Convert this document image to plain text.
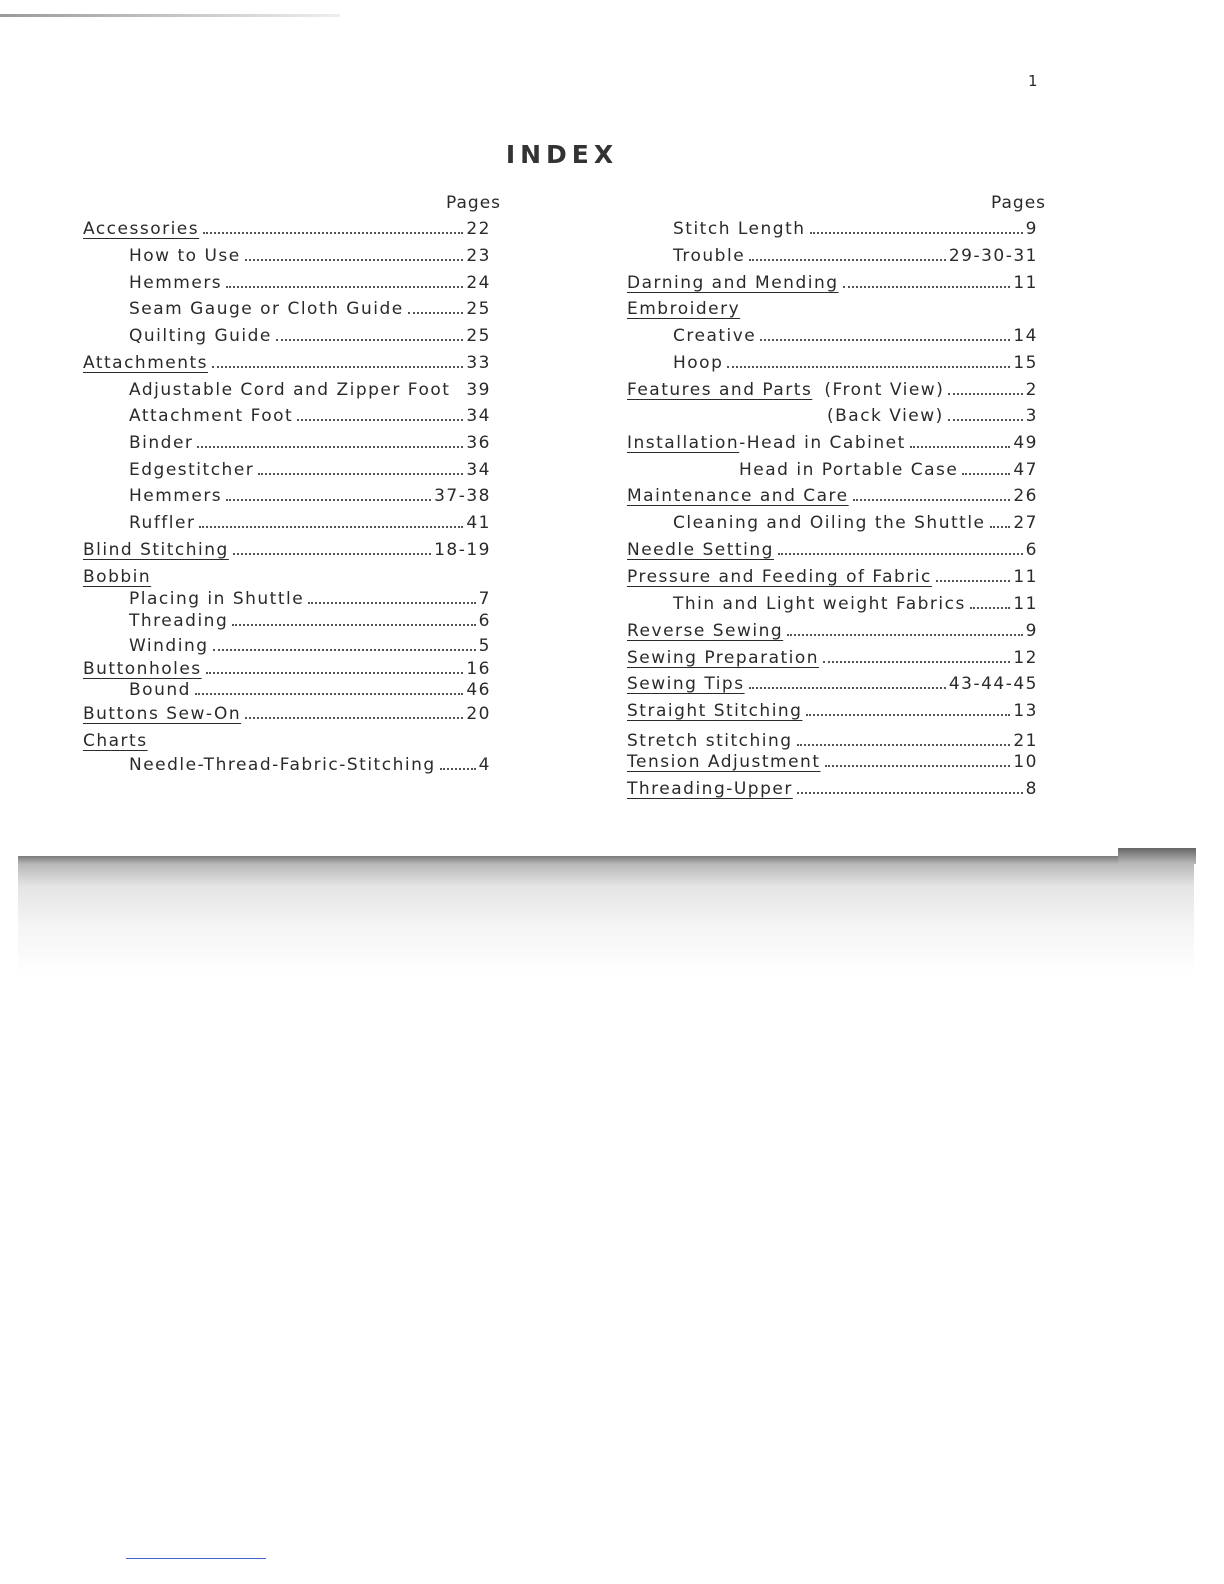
1
INDEX
Pages	Pages
Accessories	22
How to Use	23
Hemmers	24
Seam Gauge or Cloth Guide	25
Quilting Guide	25
Attachments	33
Adjustable Cord and Zipper Foot 39
Attachment Foot	34
Binder	36
Edgestitcher	34
Hemmers	37-38
Ruffler	41
Blind Stitching	18-19
Bobbin
Placing in Shuttle	7
Threading	6
Winding	5
Buttonholes	16
Bound	46
Buttons Sew-On	20
Charts
Needle-Thread-Fabric-Stitching	4
Stitch Length	9
Trouble	29-30-31
Darning and Mending	11
Embroidery
Creative	14
Hoop	15
Features and Parts (Front View)	2
(Back View)	3
Installation -Head in Cabinet	49
Head in Portable Case	47
Maintenance and Care	26
Cleaning and Oiling the Shuttle 27
Needle Setting	6
Pressure and Feeding of Fabric	11
Thin and Light weight Fabrics	11
Reverse Sewing	9
Sewing Preparation	12
Sewing Tips	43-44-45
Straight Stitching	13
Stretch stitching	21
Tension Adjustment	10
Threading-Upper	8
